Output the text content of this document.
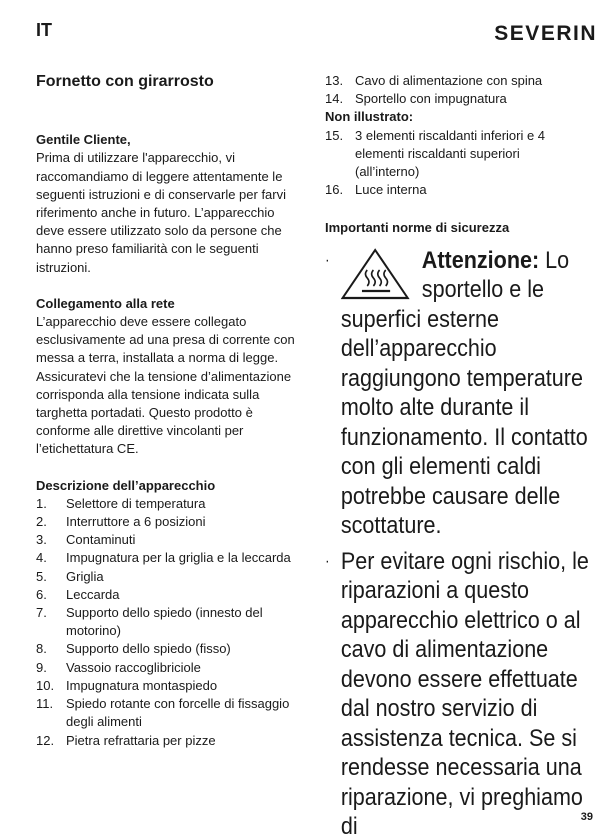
IT	SEVERIN
Fornetto con girarrosto
Gentile Cliente,
Prima di utilizzare l'apparecchio, vi raccomandiamo di leggere attentamente le seguenti istruzioni e di conservarle per farvi riferimento anche in futuro. L’apparecchio deve essere utilizzato solo da persone che hanno preso familiarità con le seguenti istruzioni.
Collegamento alla rete
L’apparecchio deve essere collegato esclusivamente ad una presa di corrente con messa a terra, installata a norma di legge. Assicuratevi che la tensione d’alimentazione corrisponda alla tensione indicata sulla targhetta portadati. Questo prodotto è conforme alle direttive vincolanti per l’etichettatura CE.
Descrizione dell’apparecchio
1.	Selettore di temperatura
2.	Interruttore a 6 posizioni
3.	Contaminuti
4.	Impugnatura per la griglia e la leccarda
5.	Griglia
6.	Leccarda
7.	Supporto dello spiedo (innesto del motorino)
8.	Supporto dello spiedo (fisso)
9.	Vassoio raccoglibriciole
10. Impugnatura montaspiedo
11. Spiedo rotante con forcelle di fissaggio degli alimenti
12. Pietra refrattaria per pizze
13. Cavo di alimentazione con spina
14. Sportello con impugnatura
Non illustrato:
15. 3 elementi riscaldanti inferiori e 4 elementi riscaldanti superiori (all’interno)
16. Luce interna
Importanti norme di sicurezza
·	Attenzione: Lo sportello e le superfici esterne dell’apparecchio raggiungono temperature molto alte durante il funzionamento. Il contatto con gli elementi caldi potrebbe causare delle scottature.
· Per evitare ogni rischio, le riparazioni a questo apparecchio elettrico o al cavo di alimentazione devono essere effettuate dal nostro servizio di assistenza tecnica. Se si rendesse necessaria una riparazione, vi preghiamo di	39
